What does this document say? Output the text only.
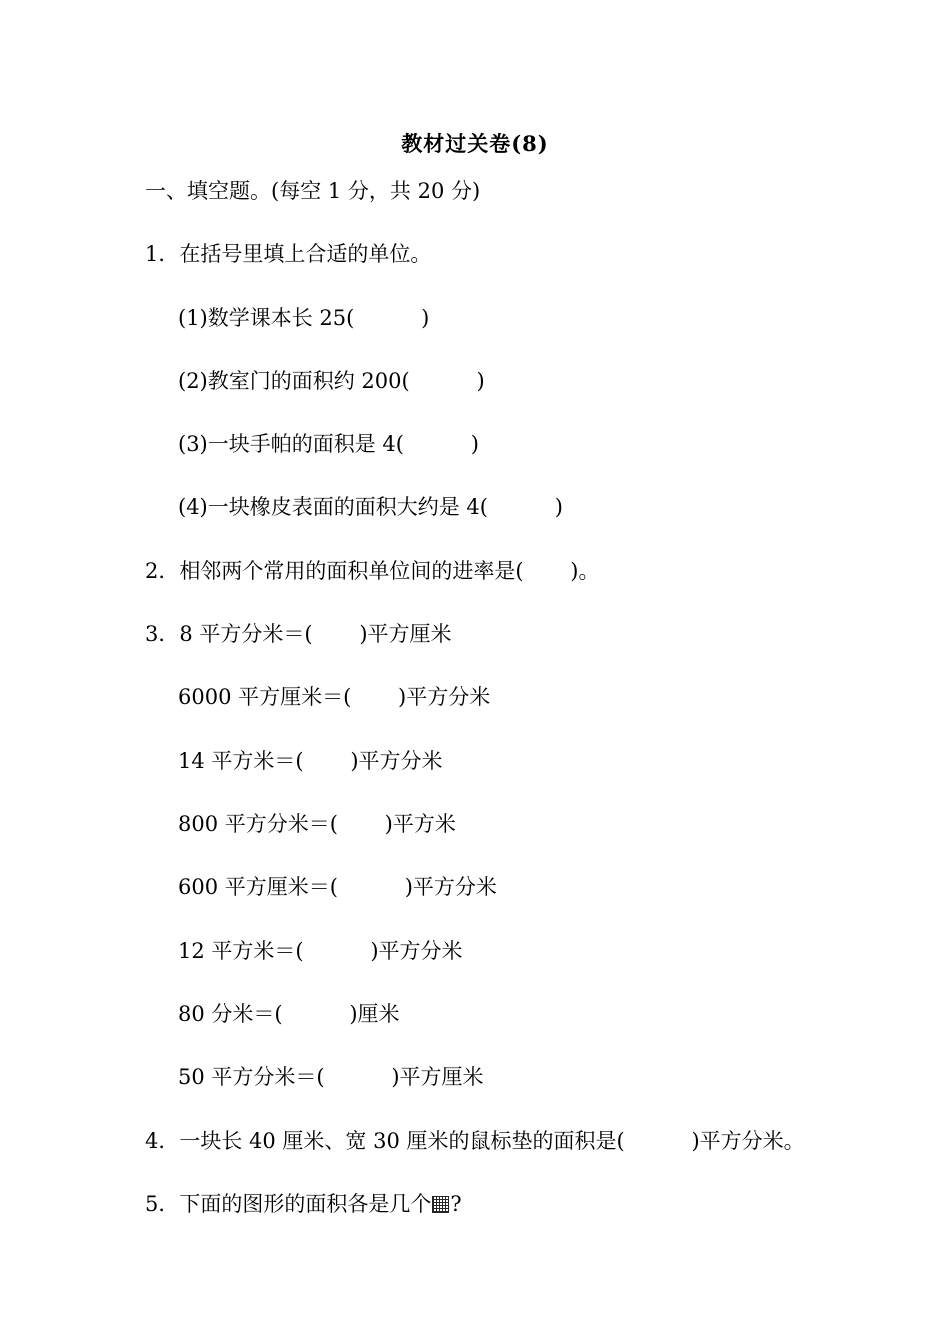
教材过关卷(8)
一、填空题。(每空 1 分，共 20 分)
1．在括号里填上合适的单位。
(1)数学课本长 25(          )
(2)教室门的面积约 200(          )
(3)一块手帕的面积是 4(          )
(4)一块橡皮表面的面积大约是 4(          )
2．相邻两个常用的面积单位间的进率是(       )。
3．8 平方分米＝(       )平方厘米
6000 平方厘米＝(       )平方分米
14 平方米＝(       )平方分米
800 平方分米＝(       )平方米
600 平方厘米＝(          )平方分米
12 平方米＝(          )平方分米
80 分米＝(          )厘米
50 平方分米＝(          )平方厘米
4．一块长 40 厘米、宽 30 厘米的鼠标垫的面积是(          )平方分米。
5．下面的图形的面积各是几个 ?
